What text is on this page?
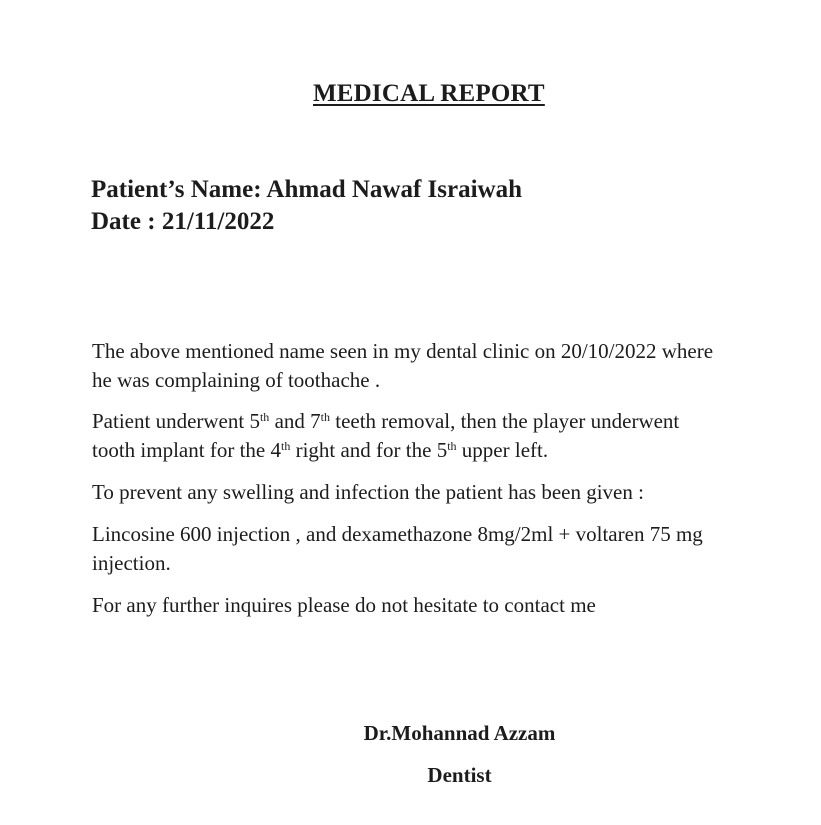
MEDICAL REPORT
Patient’s Name: Ahmad Nawaf Israiwah
Date : 21/11/2022
The above mentioned name seen in my dental clinic on 20/10/2022 where
he was complaining of toothache .
Patient underwent 5th and 7th teeth removal, then the player underwent
tooth implant for the 4th right and for the 5th upper left.
To prevent any swelling and infection the patient has been given :
Lincosine 600 injection , and dexamethazone 8mg/2ml + voltaren 75 mg
injection.
For any further inquires please do not hesitate to contact me
Dr.Mohannad Azzam
Dentist
